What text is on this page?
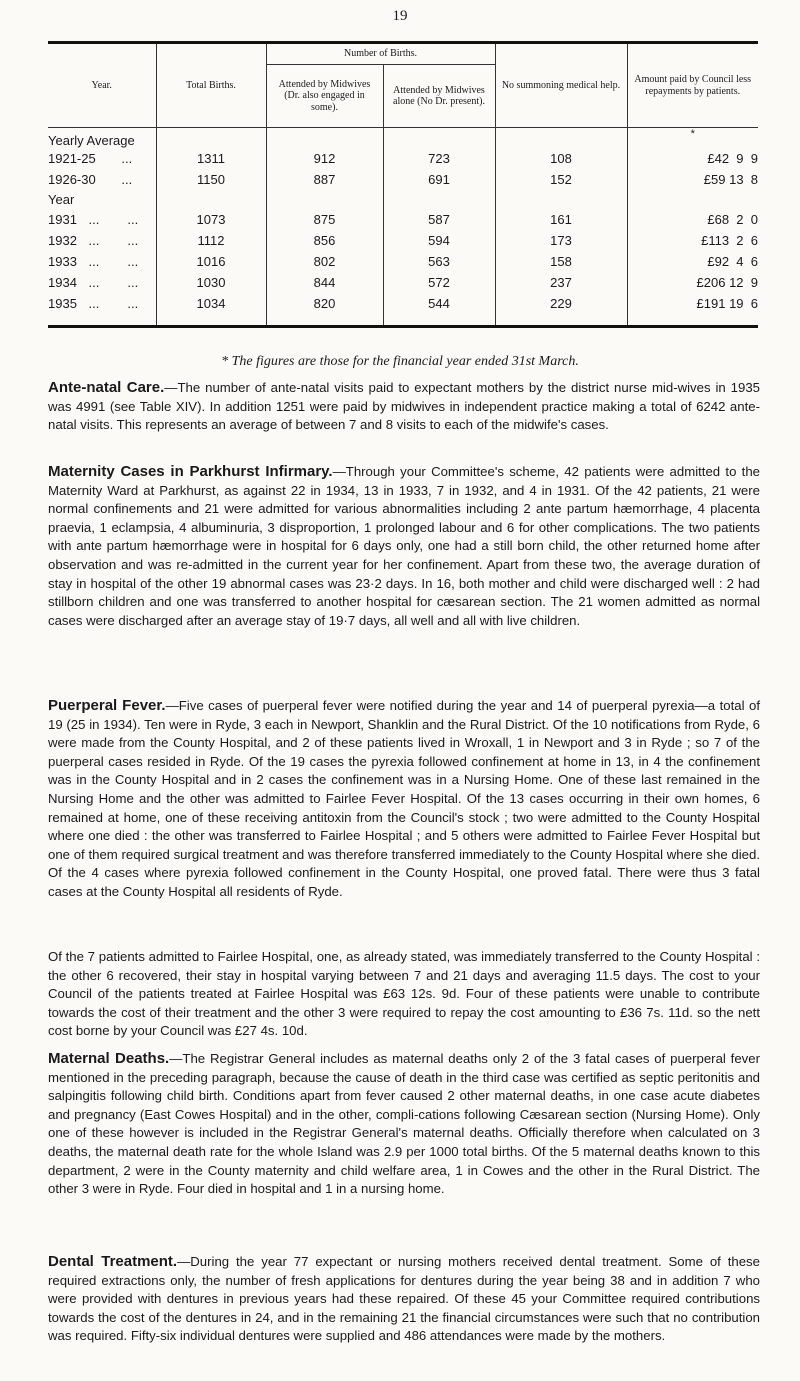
19
Year.	Total Births.	Number of Births.		No summoning medical help.	Amount paid by Council less repayments by patients.
		Attended by Midwives (Dr. also engaged in some).	Attended by Midwives alone (No Dr. present).		
Yearly Average					*
1921-25 ...	1311	912	723	108	£42  9  9
1926-30 ...	1150	887	691	152	£59 13  8
Year					
1931 ... ...	1073	875	587	161	£68  2  0
1932 ... ...	1112	856	594	173	£113  2  6
1933 ... ...	1016	802	563	158	£92  4  6
1934 ... ...	1030	844	572	237	£206 12  9
1935 ... ...	1034	820	544	229	£191 19  6

* The figures are those for the financial year ended 31st March.
Ante-natal Care.—The number of ante-natal visits paid to expectant mothers by the district nurse mid-wives in 1935 was 4991 (see Table XIV). In addition 1251 were paid by midwives in independent practice making a total of 6242 ante-natal visits. This represents an average of between 7 and 8 visits to each of the midwife's cases.
Maternity Cases in Parkhurst Infirmary.—Through your Committee's scheme, 42 patients were admitted to the Maternity Ward at Parkhurst, as against 22 in 1934, 13 in 1933, 7 in 1932, and 4 in 1931. Of the 42 patients, 21 were normal confinements and 21 were admitted for various abnormalities including 2 ante partum hæmorrhage, 4 placenta praevia, 1 eclampsia, 4 albuminuria, 3 disproportion, 1 prolonged labour and 6 for other complications. The two patients with ante partum hæmorrhage were in hospital for 6 days only, one had a still born child, the other returned home after observation and was re-admitted in the current year for her confinement. Apart from these two, the average duration of stay in hospital of the other 19 abnormal cases was 23·2 days. In 16, both mother and child were discharged well : 2 had stillborn children and one was transferred to another hospital for cæsarean section. The 21 women admitted as normal cases were discharged after an average stay of 19·7 days, all well and all with live children.
Puerperal Fever.—Five cases of puerperal fever were notified during the year and 14 of puerperal pyrexia—a total of 19 (25 in 1934). Ten were in Ryde, 3 each in Newport, Shanklin and the Rural District. Of the 10 notifications from Ryde, 6 were made from the County Hospital, and 2 of these patients lived in Wroxall, 1 in Newport and 3 in Ryde ; so 7 of the puerperal cases resided in Ryde. Of the 19 cases the pyrexia followed confinement at home in 13, in 4 the confinement was in the County Hospital and in 2 cases the confinement was in a Nursing Home. One of these last remained in the Nursing Home and the other was admitted to Fairlee Fever Hospital. Of the 13 cases occurring in their own homes, 6 remained at home, one of these receiving antitoxin from the Council's stock ; two were admitted to the County Hospital where one died : the other was transferred to Fairlee Hospital ; and 5 others were admitted to Fairlee Fever Hospital but one of them required surgical treatment and was therefore transferred immediately to the County Hospital where she died. Of the 4 cases where pyrexia followed confinement in the County Hospital, one proved fatal. There were thus 3 fatal cases at the County Hospital all residents of Ryde.
Of the 7 patients admitted to Fairlee Hospital, one, as already stated, was immediately transferred to the County Hospital : the other 6 recovered, their stay in hospital varying between 7 and 21 days and averaging 11.5 days. The cost to your Council of the patients treated at Fairlee Hospital was £63 12s. 9d. Four of these patients were unable to contribute towards the cost of their treatment and the other 3 were required to repay the cost amounting to £36 7s. 11d. so the nett cost borne by your Council was £27 4s. 10d.
Maternal Deaths.—The Registrar General includes as maternal deaths only 2 of the 3 fatal cases of puerperal fever mentioned in the preceding paragraph, because the cause of death in the third case was certified as septic peritonitis and salpingitis following child birth. Conditions apart from fever caused 2 other maternal deaths, in one case acute diabetes and pregnancy (East Cowes Hospital) and in the other, compli-cations following Cæsarean section (Nursing Home). Only one of these however is included in the Registrar General's maternal deaths. Officially therefore when calculated on 3 deaths, the maternal death rate for the whole Island was 2.9 per 1000 total births. Of the 5 maternal deaths known to this department, 2 were in the County maternity and child welfare area, 1 in Cowes and the other in the Rural District. The other 3 were in Ryde. Four died in hospital and 1 in a nursing home.
Dental Treatment.—During the year 77 expectant or nursing mothers received dental treatment. Some of these required extractions only, the number of fresh applications for dentures during the year being 38 and in addition 7 who were provided with dentures in previous years had these repaired. Of these 45 your Committee required contributions towards the cost of the dentures in 24, and in the remaining 21 the financial circumstances were such that no contribution was required. Fifty-six individual dentures were supplied and 486 attendances were made by the mothers.
